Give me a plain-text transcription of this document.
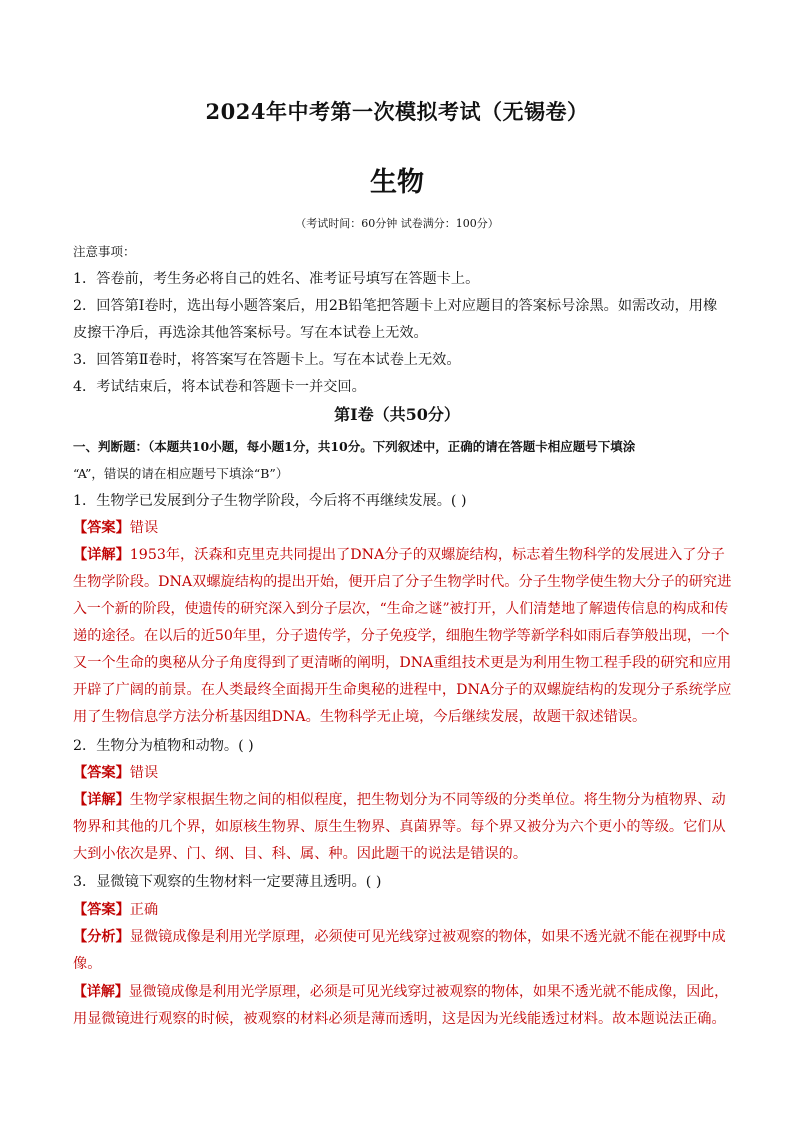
2024年中考第一次模拟考试（无锡卷）
生物
（考试时间：60分钟 试卷满分：100分）
注意事项：
1．答卷前，考生务必将自己的姓名、准考证号填写在答题卡上。
2．回答第Ⅰ卷时，选出每小题答案后，用2B铅笔把答题卡上对应题目的答案标号涂黑。如需改动，用橡
皮擦干净后，再选涂其他答案标号。写在本试卷上无效。
3．回答第Ⅱ卷时，将答案写在答题卡上。写在本试卷上无效。
4．考试结束后，将本试卷和答题卡一并交回。
第Ⅰ卷（共50分）
一、判断题：（本题共10小题，每小题1分，共10分。下列叙述中，正确的请在答题卡相应题号下填涂
“A”，错误的请在相应题号下填涂“B”）
1．生物学已发展到分子生物学阶段，今后将不再继续发展。( )
【答案】错误
【详解】1953年，沃森和克里克共同提出了DNA分子的双螺旋结构，标志着生物科学的发展进入了分子
生物学阶段。DNA双螺旋结构的提出开始，便开启了分子生物学时代。分子生物学使生物大分子的研究进
入一个新的阶段，使遗传的研究深入到分子层次，“生命之谜”被打开，人们清楚地了解遗传信息的构成和传
递的途径。在以后的近50年里，分子遗传学，分子免疫学，细胞生物学等新学科如雨后春笋般出现，一个
又一个生命的奥秘从分子角度得到了更清晰的阐明，DNA重组技术更是为利用生物工程手段的研究和应用
开辟了广阔的前景。在人类最终全面揭开生命奥秘的进程中，DNA分子的双螺旋结构的发现分子系统学应
用了生物信息学方法分析基因组DNA。生物科学无止境，今后继续发展，故题干叙述错误。
2．生物分为植物和动物。( )
【答案】错误
【详解】生物学家根据生物之间的相似程度，把生物划分为不同等级的分类单位。将生物分为植物界、动
物界和其他的几个界，如原核生物界、原生生物界、真菌界等。每个界又被分为六个更小的等级。它们从
大到小依次是界、门、纲、目、科、属、种。因此题干的说法是错误的。
3．显微镜下观察的生物材料一定要薄且透明。( )
【答案】正确
【分析】显微镜成像是利用光学原理，必须使可见光线穿过被观察的物体，如果不透光就不能在视野中成
像。
【详解】显微镜成像是利用光学原理，必须是可见光线穿过被观察的物体，如果不透光就不能成像，因此，
用显微镜进行观察的时候，被观察的材料必须是薄而透明，这是因为光线能透过材料。故本题说法正确。
